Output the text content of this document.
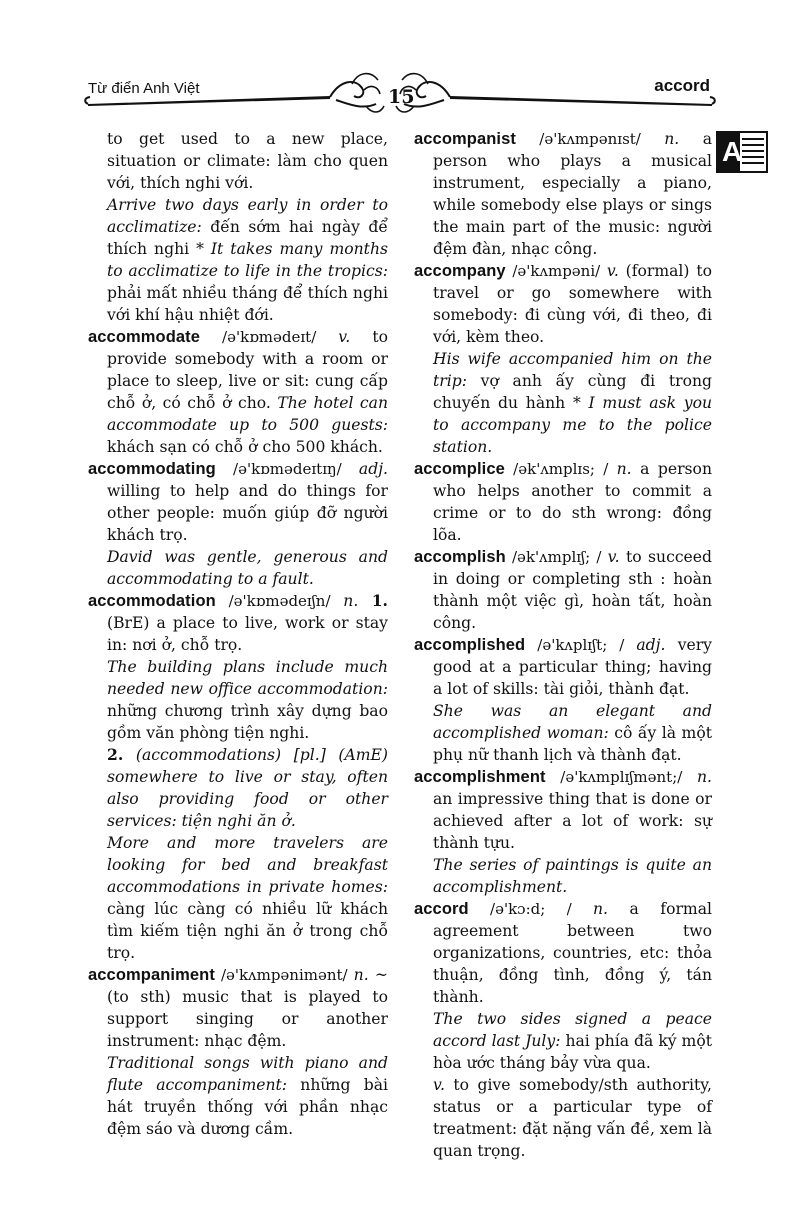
Từ điển Anh Việt	15
accord
A

to get used to a new place, situation or climate: làm cho quen với, thích nghi với.
Arrive two days early in order to acclimatize: đến sớm hai ngày để thích nghi * It takes many months to acclimatize to life in the tropics: phải mất nhiều tháng để thích nghi với khí hậu nhiệt đới.

accommodate /ə'kɒmədeɪt/ v. to provide somebody with a room or place to sleep, live or sit: cung cấp chỗ ở, có chỗ ở cho. The hotel can accommodate up to 500 guests: khách sạn có chỗ ở cho 500 khách.

accommodating /ə'kɒmədeɪtɪŋ/ adj. willing to help and do things for other people: muốn giúp đỡ người khách trọ.
David was gentle, generous and accommodating to a fault.

accommodation /ə'kɒmədeɪʃn/ n. 1. (BrE) a place to live, work or stay in: nơi ở, chỗ trọ.
The building plans include much needed new office accommodation: những chương trình xây dựng bao gồm văn phòng tiện nghi.
2. (accommodations) [pl.] (AmE) somewhere to live or stay, often also providing food or other services: tiện nghi ăn ở.
More and more travelers are looking for bed and breakfast accommodations in private homes: càng lúc càng có nhiều lữ khách tìm kiếm tiện nghi ăn ở trong chỗ trọ.

accompaniment /ə'kʌmpənimənt/ n. ~ (to sth) music that is played to support singing or another instrument: nhạc đệm.
Traditional songs with piano and flute accompaniment: những bài hát truyền thống với phần nhạc đệm sáo và dương cầm.

accompanist /ə'kʌmpənɪst/ n. a person who plays a musical instrument, especially a piano, while somebody else plays or sings the main part of the music: người đệm đàn, nhạc công.

accompany /ə'kʌmpəni/ v. (formal) to travel or go somewhere with somebody: đi cùng với, đi theo, đi với, kèm theo.
His wife accompanied him on the trip: vợ anh ấy cùng đi trong chuyến du hành * I must ask you to accompany me to the police station.

accomplice /ək'ʌmplɪs; / n. a person who helps another to commit a crime or to do sth wrong: đồng lõa.

accomplish /ək'ʌmplɪʃ; / v. to succeed in doing or completing sth : hoàn thành một việc gì, hoàn tất, hoàn công.

accomplished /ə'kʌplɪʃt; / adj. very good at a particular thing; having a lot of skills: tài giỏi, thành đạt.
She was an elegant and accomplished woman: cô ấy là một phụ nữ thanh lịch và thành đạt.

accomplishment /ə'kʌmplɪʃmənt;/ n. an impressive thing that is done or achieved after a lot of work: sự thành tựu.
The series of paintings is quite an accomplishment.

accord /ə'kɔ:d; / n. a formal agreement between two organizations, countries, etc: thỏa thuận, đồng tình, đồng ý, tán thành.
The two sides signed a peace accord last July: hai phía đã ký một hòa ước tháng bảy vừa qua.
v. to give somebody/sth authority, status or a particular type of treatment: đặt nặng vấn đề, xem là quan trọng.
